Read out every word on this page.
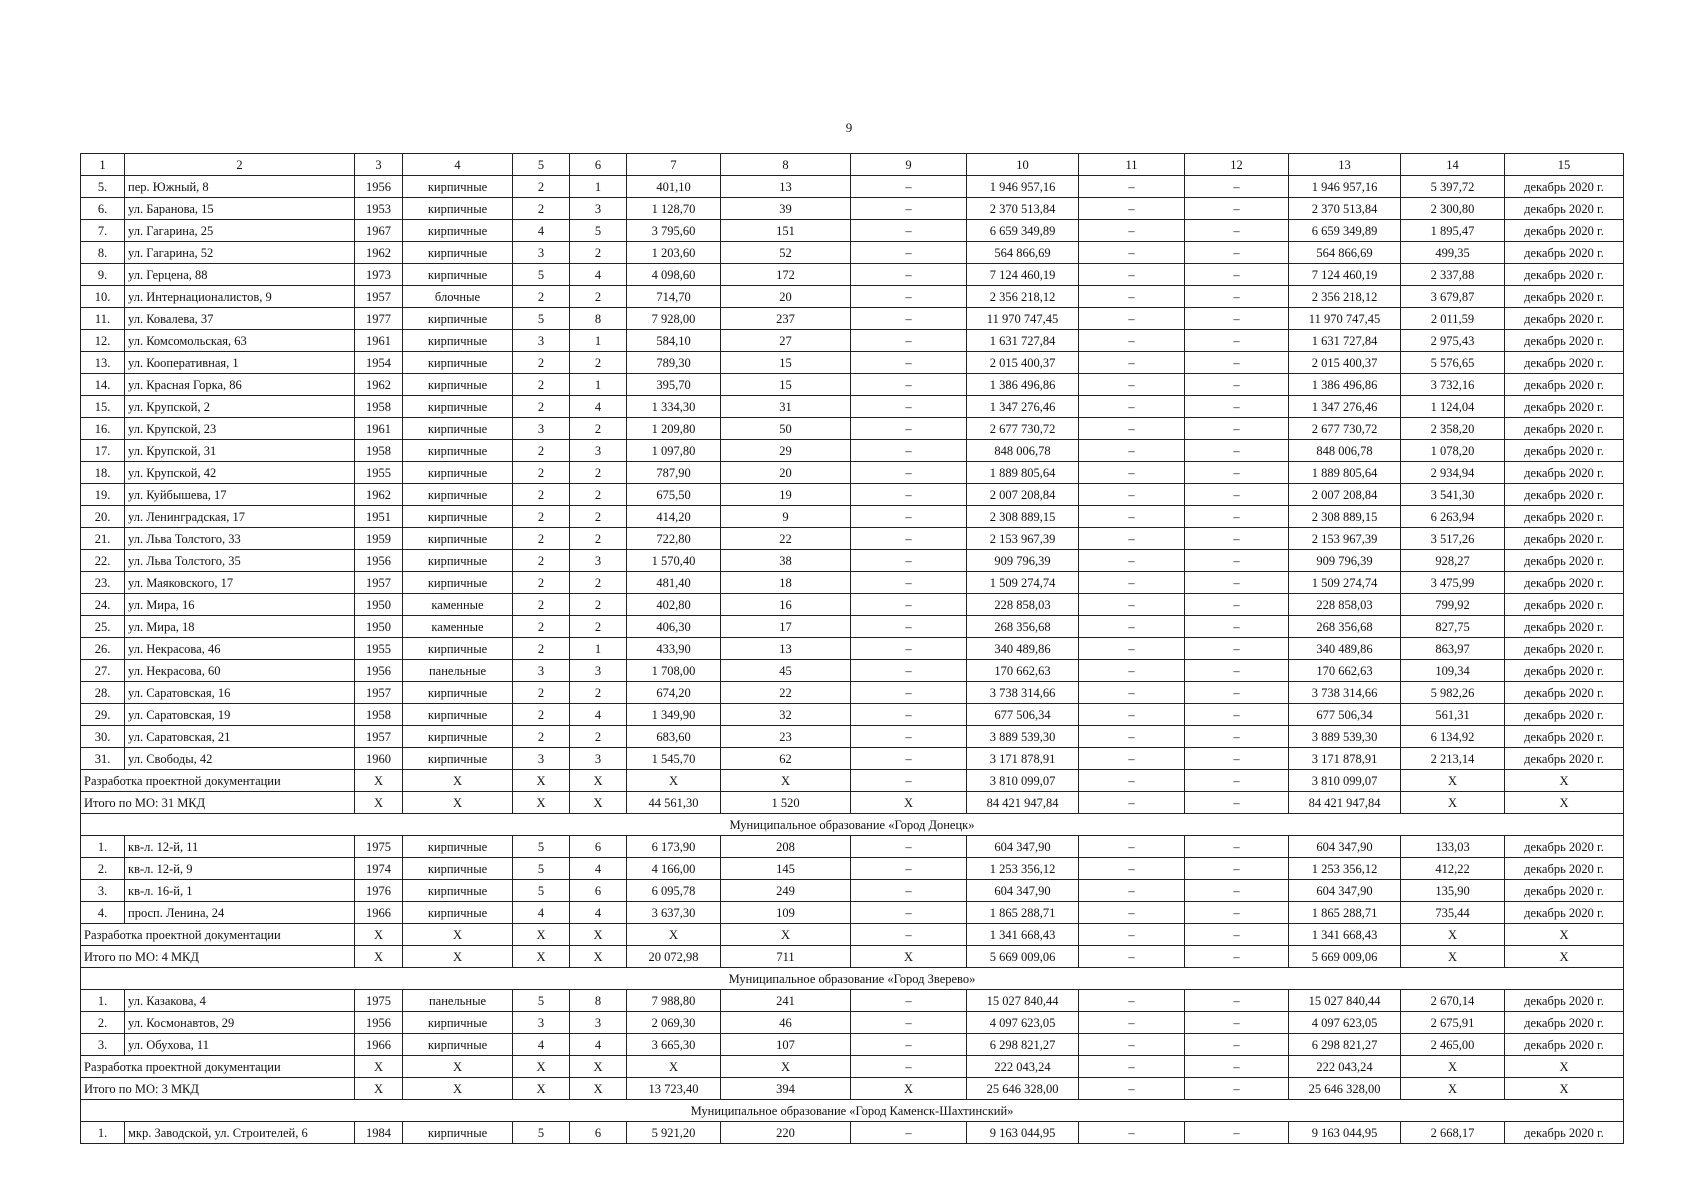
9
1	2	3	4	5	6	7	8	9	10	11	12	13	14	15
5.	пер. Южный, 8	1956	кирпичные	2	1	401,10	13	–	1 946 957,16	–	–	1 946 957,16	5 397,72	декабрь 2020 г.
6.	ул. Баранова, 15	1953	кирпичные	2	3	1 128,70	39	–	2 370 513,84	–	–	2 370 513,84	2 300,80	декабрь 2020 г.
7.	ул. Гагарина, 25	1967	кирпичные	4	5	3 795,60	151	–	6 659 349,89	–	–	6 659 349,89	1 895,47	декабрь 2020 г.
8.	ул. Гагарина, 52	1962	кирпичные	3	2	1 203,60	52	–	564 866,69	–	–	564 866,69	499,35	декабрь 2020 г.
9.	ул. Герцена, 88	1973	кирпичные	5	4	4 098,60	172	–	7 124 460,19	–	–	7 124 460,19	2 337,88	декабрь 2020 г.
10.	ул. Интернационалистов, 9	1957	блочные	2	2	714,70	20	–	2 356 218,12	–	–	2 356 218,12	3 679,87	декабрь 2020 г.
11.	ул. Ковалева, 37	1977	кирпичные	5	8	7 928,00	237	–	11 970 747,45	–	–	11 970 747,45	2 011,59	декабрь 2020 г.
12.	ул. Комсомольская, 63	1961	кирпичные	3	1	584,10	27	–	1 631 727,84	–	–	1 631 727,84	2 975,43	декабрь 2020 г.
13.	ул. Кооперативная, 1	1954	кирпичные	2	2	789,30	15	–	2 015 400,37	–	–	2 015 400,37	5 576,65	декабрь 2020 г.
14.	ул. Красная Горка, 86	1962	кирпичные	2	1	395,70	15	–	1 386 496,86	–	–	1 386 496,86	3 732,16	декабрь 2020 г.
15.	ул. Крупской, 2	1958	кирпичные	2	4	1 334,30	31	–	1 347 276,46	–	–	1 347 276,46	1 124,04	декабрь 2020 г.
16.	ул. Крупской, 23	1961	кирпичные	3	2	1 209,80	50	–	2 677 730,72	–	–	2 677 730,72	2 358,20	декабрь 2020 г.
17.	ул. Крупской, 31	1958	кирпичные	2	3	1 097,80	29	–	848 006,78	–	–	848 006,78	1 078,20	декабрь 2020 г.
18.	ул. Крупской, 42	1955	кирпичные	2	2	787,90	20	–	1 889 805,64	–	–	1 889 805,64	2 934,94	декабрь 2020 г.
19.	ул. Куйбышева, 17	1962	кирпичные	2	2	675,50	19	–	2 007 208,84	–	–	2 007 208,84	3 541,30	декабрь 2020 г.
20.	ул. Ленинградская, 17	1951	кирпичные	2	2	414,20	9	–	2 308 889,15	–	–	2 308 889,15	6 263,94	декабрь 2020 г.
21.	ул. Льва Толстого, 33	1959	кирпичные	2	2	722,80	22	–	2 153 967,39	–	–	2 153 967,39	3 517,26	декабрь 2020 г.
22.	ул. Льва Толстого, 35	1956	кирпичные	2	3	1 570,40	38	–	909 796,39	–	–	909 796,39	928,27	декабрь 2020 г.
23.	ул. Маяковского, 17	1957	кирпичные	2	2	481,40	18	–	1 509 274,74	–	–	1 509 274,74	3 475,99	декабрь 2020 г.
24.	ул. Мира, 16	1950	каменные	2	2	402,80	16	–	228 858,03	–	–	228 858,03	799,92	декабрь 2020 г.
25.	ул. Мира, 18	1950	каменные	2	2	406,30	17	–	268 356,68	–	–	268 356,68	827,75	декабрь 2020 г.
26.	ул. Некрасова, 46	1955	кирпичные	2	1	433,90	13	–	340 489,86	–	–	340 489,86	863,97	декабрь 2020 г.
27.	ул. Некрасова, 60	1956	панельные	3	3	1 708,00	45	–	170 662,63	–	–	170 662,63	109,34	декабрь 2020 г.
28.	ул. Саратовская, 16	1957	кирпичные	2	2	674,20	22	–	3 738 314,66	–	–	3 738 314,66	5 982,26	декабрь 2020 г.
29.	ул. Саратовская, 19	1958	кирпичные	2	4	1 349,90	32	–	677 506,34	–	–	677 506,34	561,31	декабрь 2020 г.
30.	ул. Саратовская, 21	1957	кирпичные	2	2	683,60	23	–	3 889 539,30	–	–	3 889 539,30	6 134,92	декабрь 2020 г.
31.	ул. Свободы, 42	1960	кирпичные	3	3	1 545,70	62	–	3 171 878,91	–	–	3 171 878,91	2 213,14	декабрь 2020 г.
Разработка проектной документации		X	X	X	X	X	X	–	3 810 099,07	–	–	3 810 099,07	X	X
Итого по МО: 31 МКД		X	X	X	X	44 561,30	1 520	X	84 421 947,84	–	–	84 421 947,84	X	X
Муниципальное образование «Город Донецк»														
1.	кв-л. 12-й, 11	1975	кирпичные	5	6	6 173,90	208	–	604 347,90	–	–	604 347,90	133,03	декабрь 2020 г.
2.	кв-л. 12-й, 9	1974	кирпичные	5	4	4 166,00	145	–	1 253 356,12	–	–	1 253 356,12	412,22	декабрь 2020 г.
3.	кв-л. 16-й, 1	1976	кирпичные	5	6	6 095,78	249	–	604 347,90	–	–	604 347,90	135,90	декабрь 2020 г.
4.	просп. Ленина, 24	1966	кирпичные	4	4	3 637,30	109	–	1 865 288,71	–	–	1 865 288,71	735,44	декабрь 2020 г.
Разработка проектной документации		X	X	X	X	X	X	–	1 341 668,43	–	–	1 341 668,43	X	X
Итого по МО: 4 МКД		X	X	X	X	20 072,98	711	X	5 669 009,06	–	–	5 669 009,06	X	X
Муниципальное образование «Город Зверево»														
1.	ул. Казакова, 4	1975	панельные	5	8	7 988,80	241	–	15 027 840,44	–	–	15 027 840,44	2 670,14	декабрь 2020 г.
2.	ул. Космонавтов, 29	1956	кирпичные	3	3	2 069,30	46	–	4 097 623,05	–	–	4 097 623,05	2 675,91	декабрь 2020 г.
3.	ул. Обухова, 11	1966	кирпичные	4	4	3 665,30	107	–	6 298 821,27	–	–	6 298 821,27	2 465,00	декабрь 2020 г.
Разработка проектной документации		X	X	X	X	X	X	–	222 043,24	–	–	222 043,24	X	X
Итого по МО: 3 МКД		X	X	X	X	13 723,40	394	X	25 646 328,00	–	–	25 646 328,00	X	X
Муниципальное образование «Город Каменск-Шахтинский»														
1.	мкр. Заводской, ул. Строителей, 6	1984	кирпичные	5	6	5 921,20	220	–	9 163 044,95	–	–	9 163 044,95	2 668,17	декабрь 2020 г.
